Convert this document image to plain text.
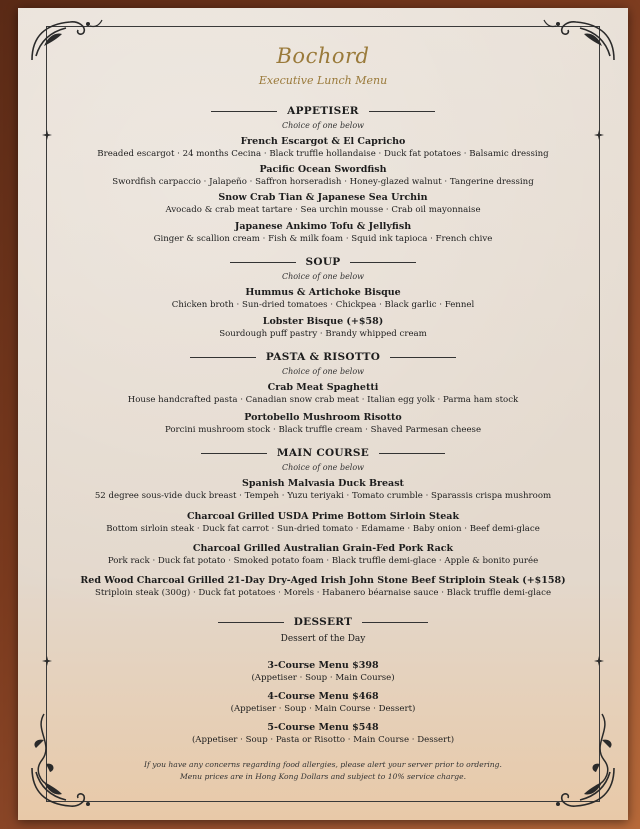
Bochord
Executive Lunch Menu
APPETISER
Choice of one below
French Escargot & El Capricho
Breaded escargot · 24 months Cecina · Black truffle hollandaise · Duck fat potatoes · Balsamic dressing
Pacific Ocean Swordfish
Swordfish carpaccio · Jalapeño · Saffron horseradish · Honey-glazed walnut · Tangerine dressing
Snow Crab Tian & Japanese Sea Urchin
Avocado & crab meat tartare · Sea urchin mousse · Crab oil mayonnaise
Japanese Ankimo Tofu & Jellyfish
Ginger & scallion cream · Fish & milk foam · Squid ink tapioca · French chive
SOUP
Choice of one below
Hummus & Artichoke Bisque
Chicken broth · Sun-dried tomatoes · Chickpea · Black garlic · Fennel
Lobster Bisque (+$58)
Sourdough puff pastry · Brandy whipped cream
PASTA & RISOTTO
Choice of one below
Crab Meat Spaghetti
House handcrafted pasta · Canadian snow crab meat · Italian egg yolk · Parma ham stock
Portobello Mushroom Risotto
Porcini mushroom stock · Black truffle cream · Shaved Parmesan cheese
MAIN COURSE
Choice of one below
Spanish Malvasia Duck Breast
52 degree sous-vide duck breast · Tempeh · Yuzu teriyaki · Tomato crumble · Sparassis crispa mushroom
Charcoal Grilled USDA Prime Bottom Sirloin Steak
Bottom sirloin steak · Duck fat carrot · Sun-dried tomato · Edamame · Baby onion · Beef demi-glace
Charcoal Grilled Australian Grain-Fed Pork Rack
Pork rack · Duck fat potato · Smoked potato foam · Black truffle demi-glace · Apple & bonito purée
Red Wood Charcoal Grilled 21-Day Dry-Aged Irish John Stone Beef Striploin Steak (+$158)
Striploin steak (300g) · Duck fat potatoes · Morels · Habanero béarnaise sauce · Black truffle demi-glace
DESSERT
Dessert of the Day
3-Course Menu $398
(Appetiser · Soup · Main Course)
4-Course Menu $468
(Appetiser · Soup · Main Course · Dessert)
5-Course Menu $548
(Appetiser · Soup · Pasta or Risotto · Main Course · Dessert)
If you have any concerns regarding food allergies, please alert your server prior to ordering.
Menu prices are in Hong Kong Dollars and subject to 10% service charge.
